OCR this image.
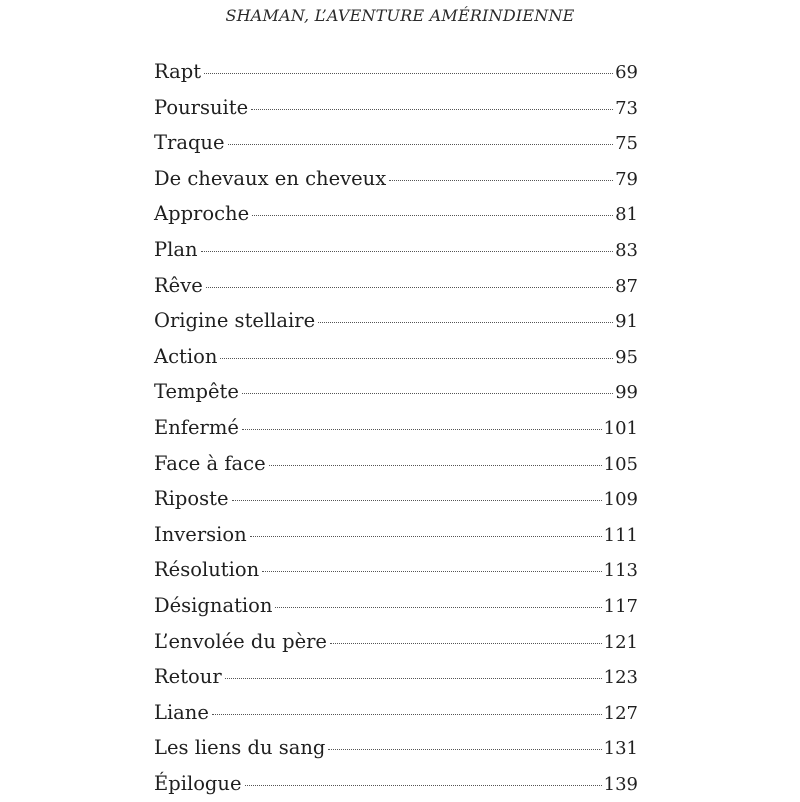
SHAMAN, L’AVENTURE AMÉRINDIENNE
Rapt	69
Poursuite	73
Traque	75
De chevaux en cheveux	79
Approche	81
Plan	83
Rêve	87
Origine stellaire	91
Action	95
Tempête	99
Enfermé	101
Face à face	105
Riposte	109
Inversion	111
Résolution	113
Désignation	117
L’envolée du père	121
Retour	123
Liane	127
Les liens du sang	131
Épilogue	139
